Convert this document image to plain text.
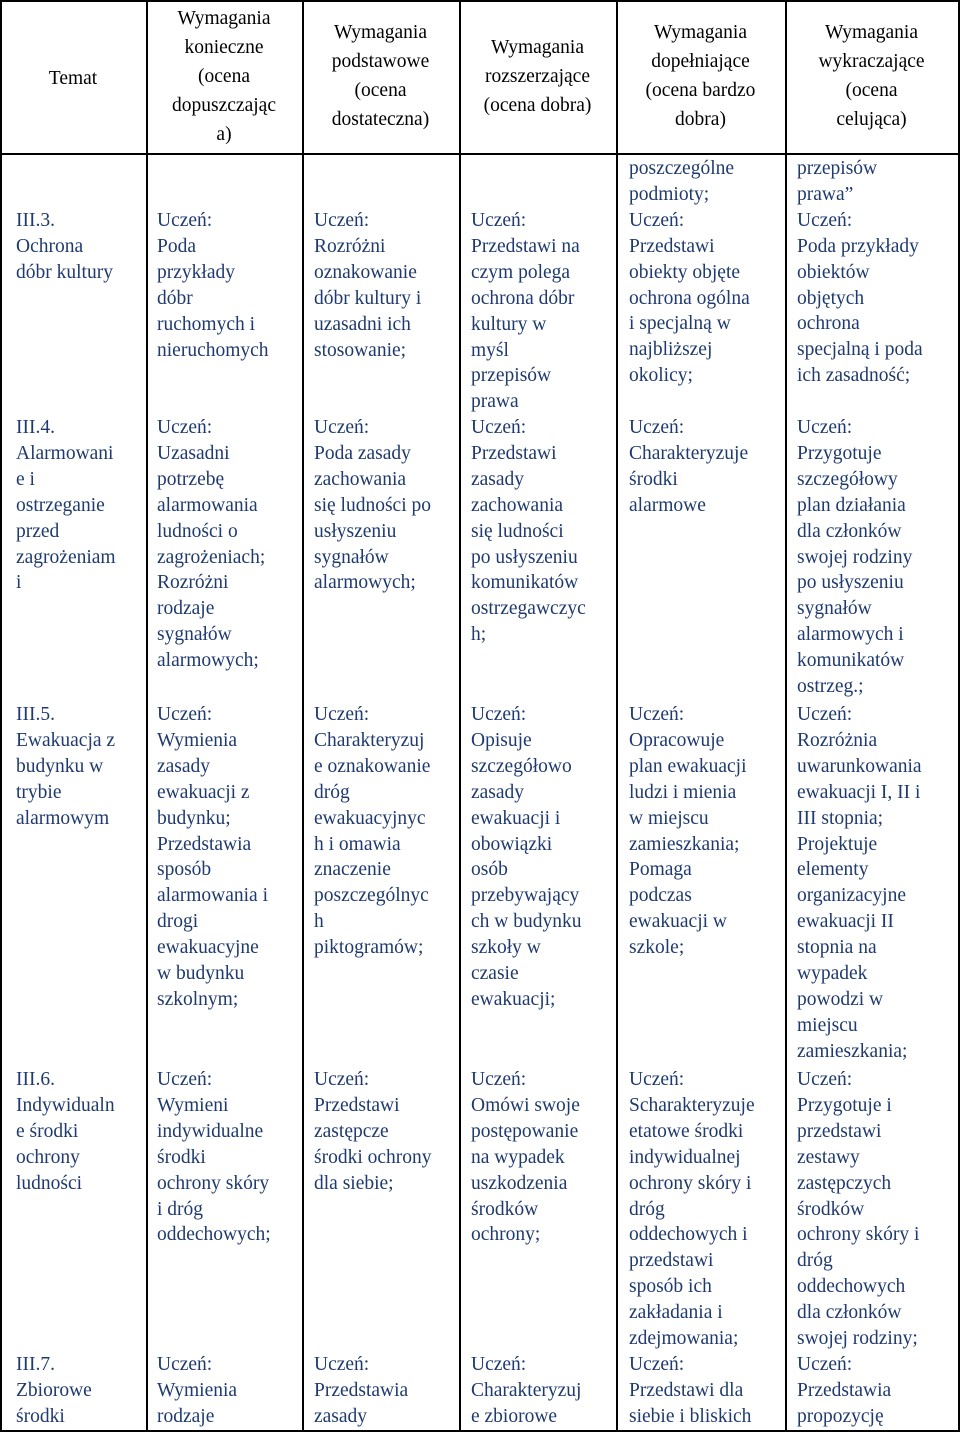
Temat
Wymagania
konieczne
(ocena
dopuszczając
a)
Wymagania
podstawowe
(ocena
dostateczna)
Wymagania
rozszerzające
(ocena dobra)
Wymagania
dopełniające
(ocena bardzo
dobra)
Wymagania
wykraczające
(ocena
celująca)
III.3.
Ochrona
dóbr kultury
III.4.
Alarmowani
e i
ostrzeganie
przed
zagrożeniam
i
III.5.
Ewakuacja z
budynku w
trybie
alarmowym
III.6.
Indywidualn
e środki
ochrony
ludności
III.7.
Zbiorowe
środki
Uczeń:
Poda
przykłady
dóbr
ruchomych i
nieruchomych
Uczeń:
Uzasadni
potrzebę
alarmowania
ludności o
zagrożeniach;
Rozróżni
rodzaje
sygnałów
alarmowych;
Uczeń:
Wymienia
zasady
ewakuacji z
budynku;
Przedstawia
sposób
alarmowania i
drogi
ewakuacyjne
w budynku
szkolnym;
Uczeń:
Wymieni
indywidualne
środki
ochrony skóry
i dróg
oddechowych;
Uczeń:
Wymienia
rodzaje
Uczeń:
Rozróżni
oznakowanie
dóbr kultury i
uzasadni ich
stosowanie;
Uczeń:
Poda zasady
zachowania
się ludności po
usłyszeniu
sygnałów
alarmowych;
Uczeń:
Charakteryzuj
e oznakowanie
dróg
ewakuacyjnyc
h i omawia
znaczenie
poszczególnyc
h
piktogramów;
Uczeń:
Przedstawi
zastępcze
środki ochrony
dla siebie;
Uczeń:
Przedstawia
zasady
Uczeń:
Przedstawi na
czym polega
ochrona dóbr
kultury w
myśl
przepisów
prawa
Uczeń:
Przedstawi
zasady
zachowania
się ludności
po usłyszeniu
komunikatów
ostrzegawczyc
h;
Uczeń:
Opisuje
szczegółowo
zasady
ewakuacji i
obowiązki
osób
przebywający
ch w budynku
szkoły w
czasie
ewakuacji;
Uczeń:
Omówi swoje
postępowanie
na wypadek
uszkodzenia
środków
ochrony;
Uczeń:
Charakteryzuj
e zbiorowe
poszczególne
podmioty;
Uczeń:
Przedstawi
obiekty objęte
ochrona ogólna
i specjalną w
najbliższej
okolicy;
Uczeń:
Charakteryzuje
środki
alarmowe
Uczeń:
Opracowuje
plan ewakuacji
ludzi i mienia
w miejscu
zamieszkania;
Pomaga
podczas
ewakuacji w
szkole;
Uczeń:
Scharakteryzuje
etatowe środki
indywidualnej
ochrony skóry i
dróg
oddechowych i
przedstawi
sposób ich
zakładania i
zdejmowania;
Uczeń:
Przedstawi dla
siebie i bliskich
przepisów
prawa”
Uczeń:
Poda przykłady
obiektów
objętych
ochrona
specjalną i poda
ich zasadność;
Uczeń:
Przygotuje
szczegółowy
plan działania
dla członków
swojej rodziny
po usłyszeniu
sygnałów
alarmowych i
komunikatów
ostrzeg.;
Uczeń:
Rozróżnia
uwarunkowania
ewakuacji I, II i
III stopnia;
Projektuje
elementy
organizacyjne
ewakuacji II
stopnia na
wypadek
powodzi w
miejscu
zamieszkania;
Uczeń:
Przygotuje i
przedstawi
zestawy
zastępczych
środków
ochrony skóry i
dróg
oddechowych
dla członków
swojej rodziny;
Uczeń:
Przedstawia
propozycję
